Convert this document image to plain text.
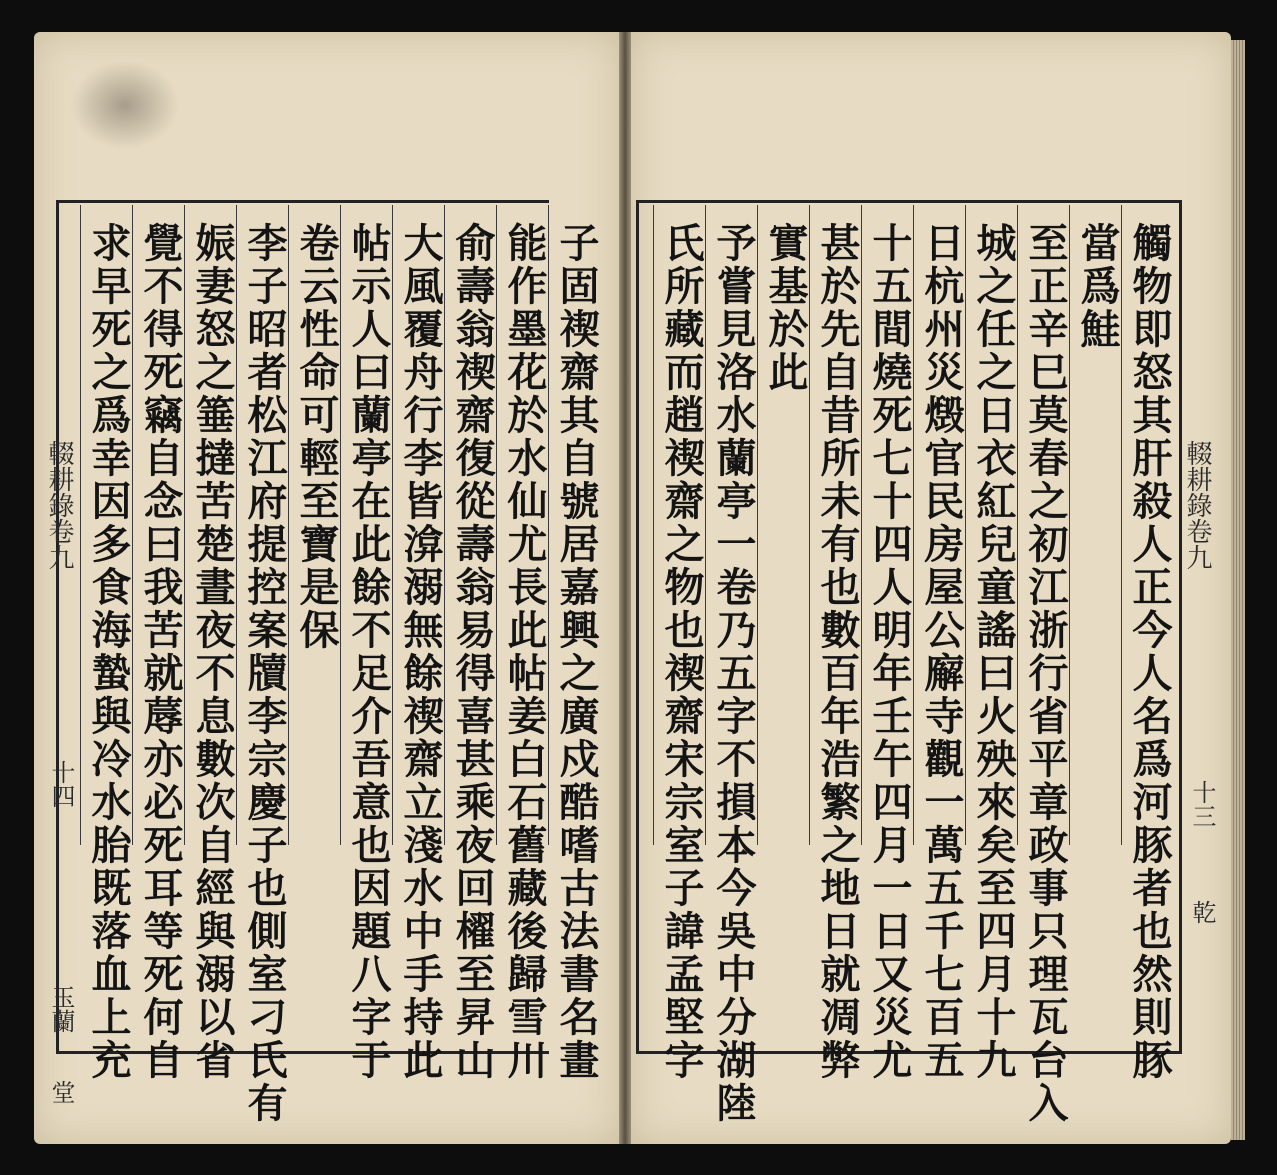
子固禊齋其自號居嘉興之廣戍酷嗜古法書名畫
能作墨花於水仙尤長此帖姜白石舊藏後歸雪川
俞壽翁禊齋復從壽翁易得喜甚乘夜回櫂至昇山
大風覆舟行李皆渰溺無餘禊齋立淺水中手持此
帖示人曰蘭亭在此餘不足介吾意也因題八字于
卷云性命可輕至寶是保
李子昭者松江府提控案牘李宗慶子也側室刁氏有
娠妻怒之箠撻苦楚晝夜不息數次自經與溺以省
覺不得死竊自念曰我苦就蓐亦必死耳等死何自
求早死之爲幸因多食海蟄與冷水胎既落血上充	觸物即怒其肝殺人正今人名爲河豚者也然則豚
當爲鮭
至正辛巳莫春之初江浙行省平章政事只理瓦台入
城之任之日衣紅兒童謠曰火殃來矣至四月十九
日杭州災燬官民房屋公廨寺觀一萬五千七百五
十五間燒死七十四人明年壬午四月一日又災尤
甚於先自昔所未有也數百年浩繁之地日就凋弊
實基於此
予嘗見洛水蘭亭一卷乃五字不損本今吳中分湖陸
氏所藏而趙禊齋之物也禊齋宋宗室子諱孟堅字
輟耕錄卷九	輟耕錄卷九
十四
玉蘭
堂
十三
乾
